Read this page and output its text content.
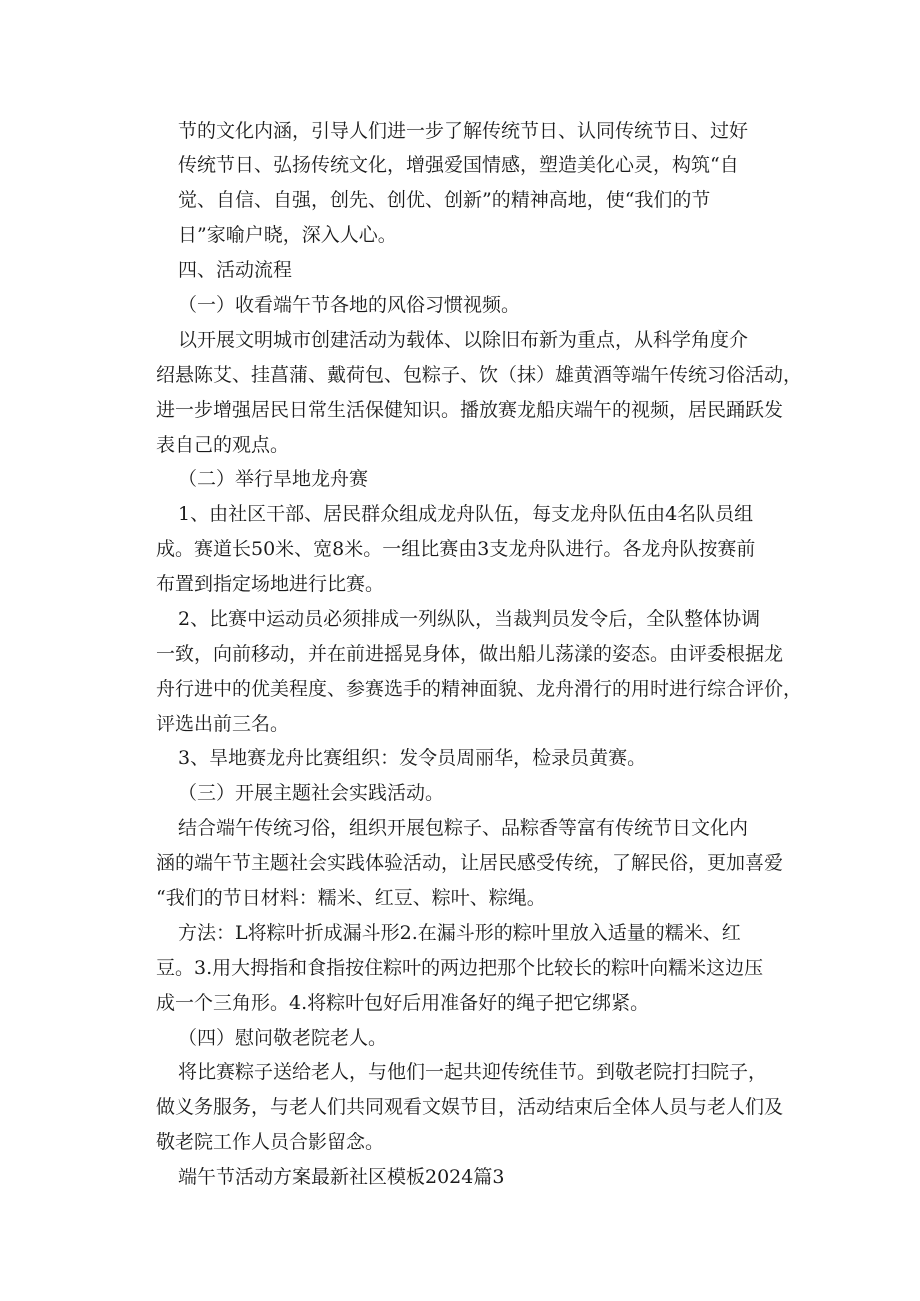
节的文化内涵，引导人们进一步了解传统节日、认同传统节日、过好
传统节日、弘扬传统文化，增强爱国情感，塑造美化心灵，构筑“自
觉、自信、自强，创先、创优、创新”的精神高地，使“我们的节
日”家喻户晓，深入人心。
四、活动流程
（一）收看端午节各地的风俗习惯视频。
以开展文明城市创建活动为载体、以除旧布新为重点，从科学角度介
绍悬陈艾、挂菖蒲、戴荷包、包粽子、饮（抹）雄黄酒等端午传统习俗活动，
进一步增强居民日常生活保健知识。播放赛龙船庆端午的视频，居民踊跃发
表自己的观点。
（二）举行旱地龙舟赛
1、由社区干部、居民群众组成龙舟队伍，每支龙舟队伍由4名队员组
成。赛道长50米、宽8米。一组比赛由3支龙舟队进行。各龙舟队按赛前
布置到指定场地进行比赛。
2、比赛中运动员必须排成一列纵队，当裁判员发令后，全队整体协调
一致，向前移动，并在前进摇晃身体，做出船儿荡漾的姿态。由评委根据龙
舟行进中的优美程度、参赛选手的精神面貌、龙舟滑行的用时进行综合评价，
评选出前三名。
3、旱地赛龙舟比赛组织：发令员周丽华，检录员黄赛。
（三）开展主题社会实践活动。
结合端午传统习俗，组织开展包粽子、品粽香等富有传统节日文化内
涵的端午节主题社会实践体验活动，让居民感受传统，了解民俗，更加喜爱
“我们的节日材料：糯米、红豆、粽叶、粽绳。
方法：L将粽叶折成漏斗形2.在漏斗形的粽叶里放入适量的糯米、红
豆。3.用大拇指和食指按住粽叶的两边把那个比较长的粽叶向糯米这边压
成一个三角形。4.将粽叶包好后用准备好的绳子把它绑紧。
（四）慰问敬老院老人。
将比赛粽子送给老人，与他们一起共迎传统佳节。到敬老院打扫院子，
做义务服务，与老人们共同观看文娱节目，活动结束后全体人员与老人们及
敬老院工作人员合影留念。
端午节活动方案最新社区模板2024篇3
